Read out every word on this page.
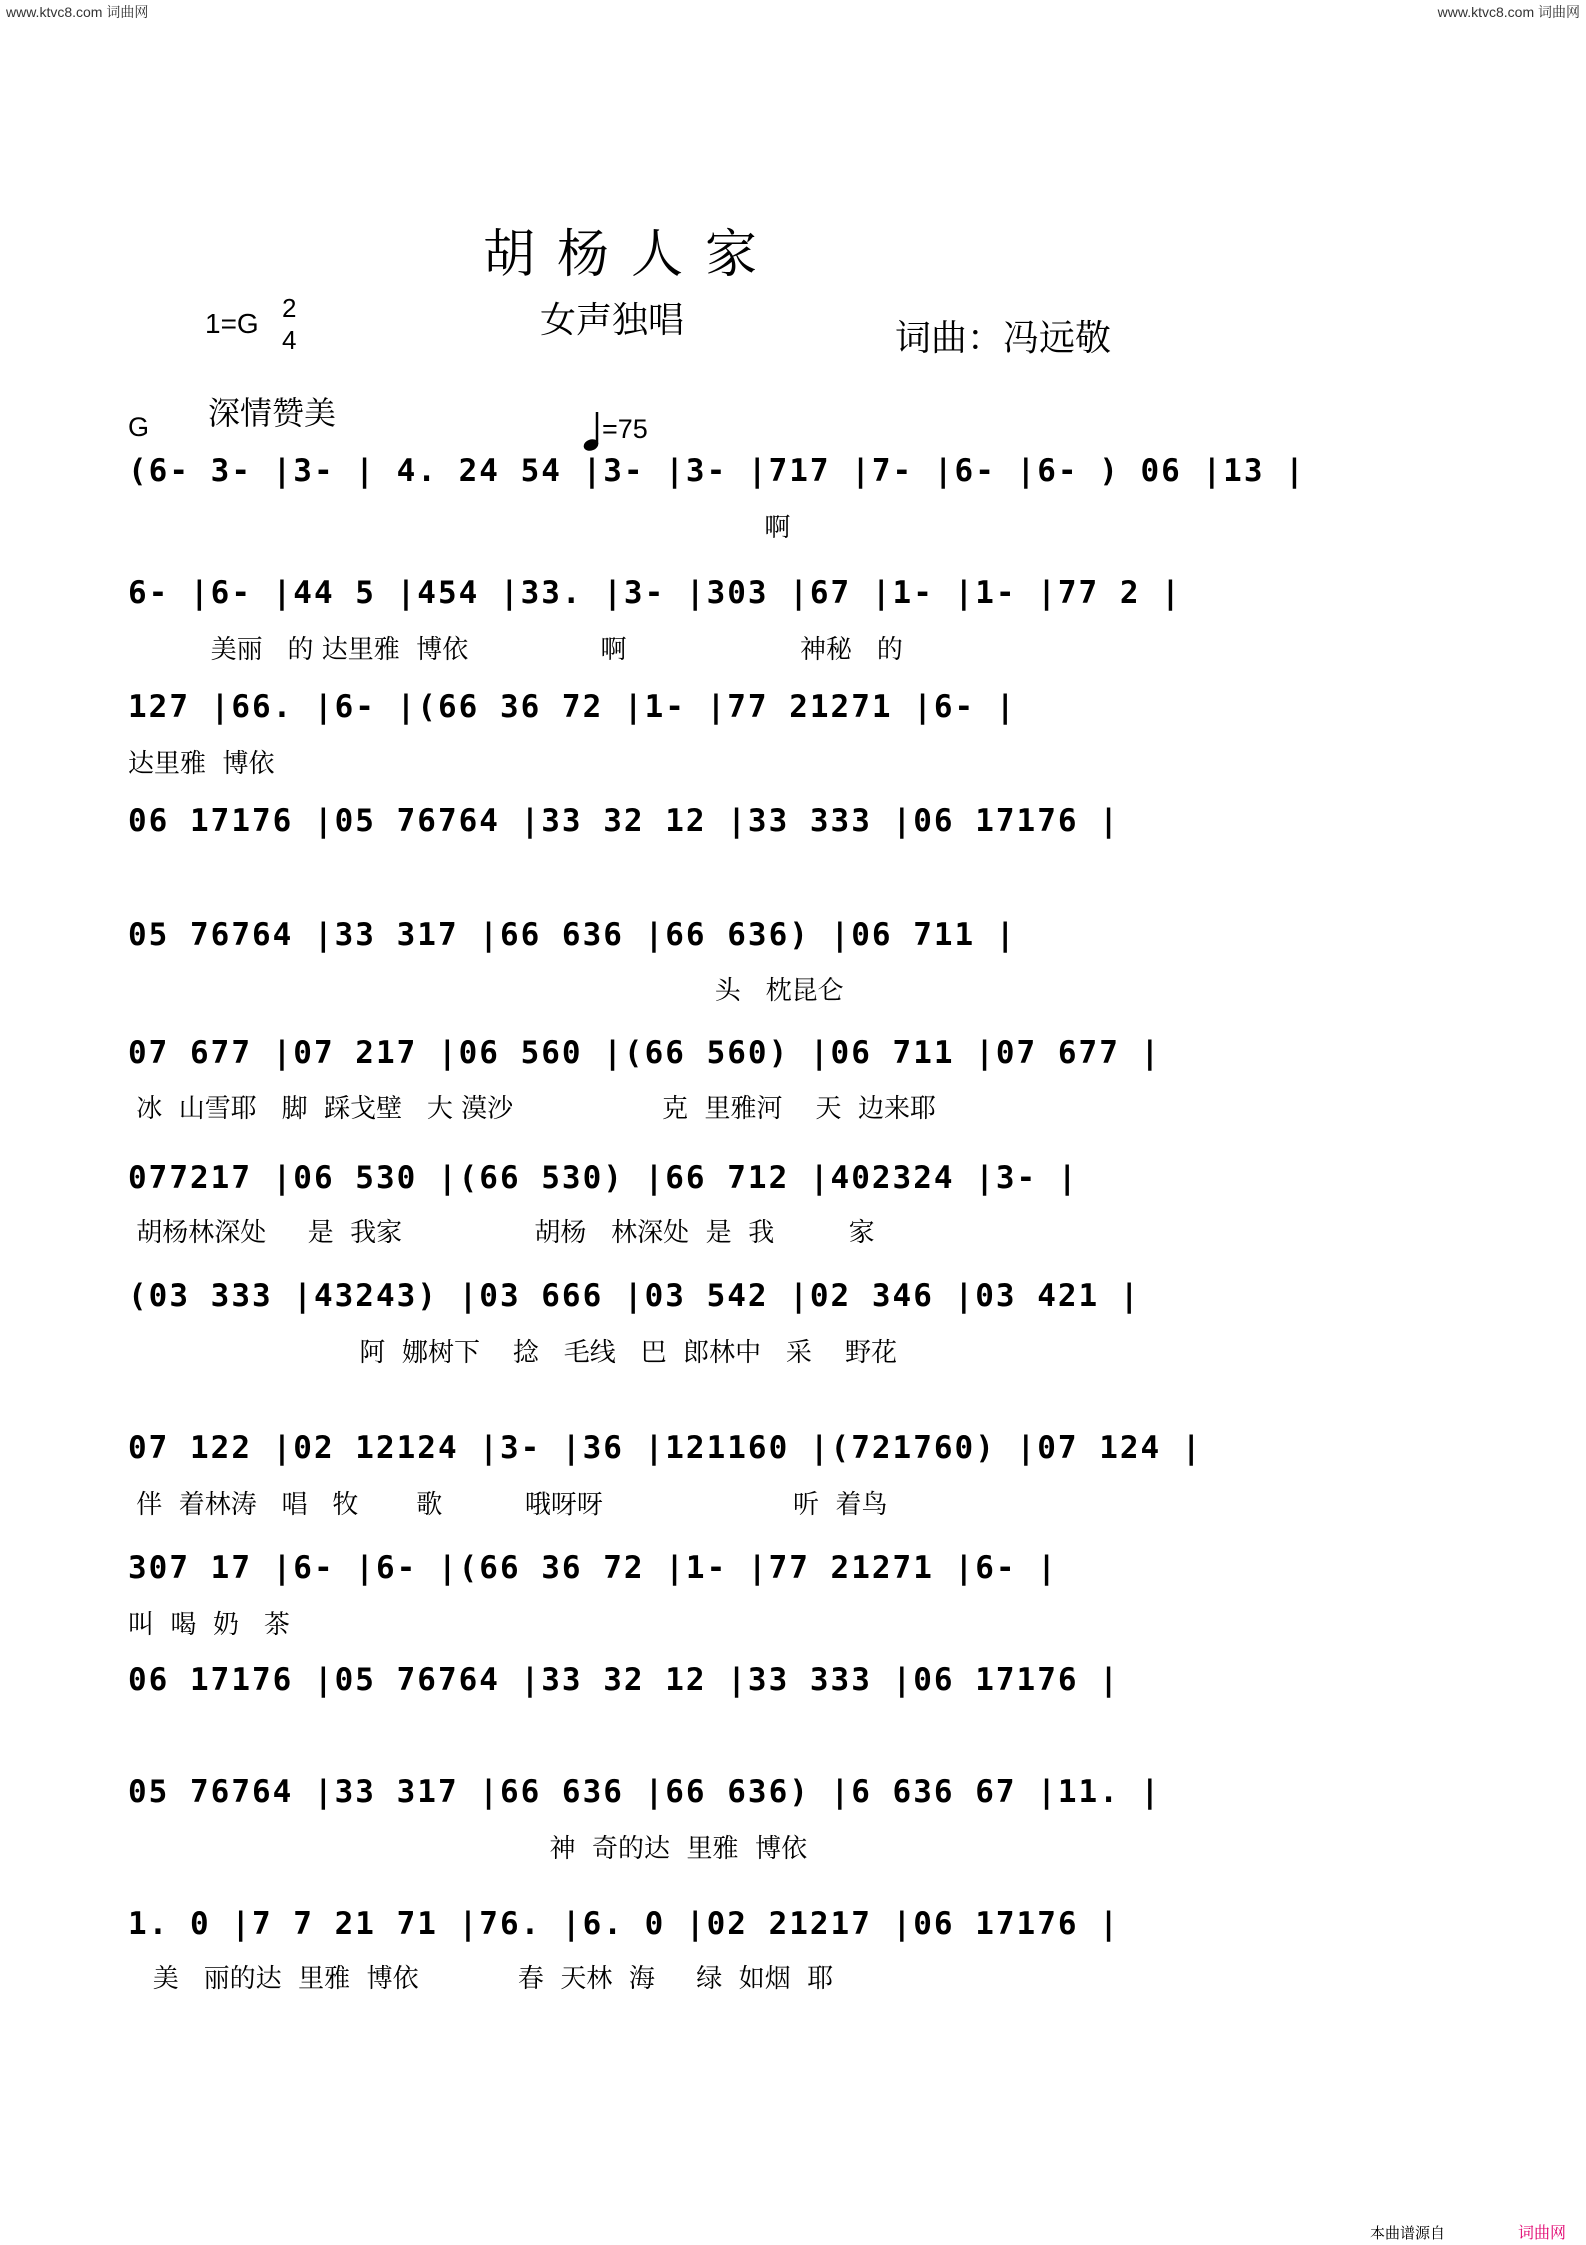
www.ktvc8.com 词曲网	www.ktvc8.com 词曲网
胡杨人家
1=G 2
4	女声独唱	词曲：冯远敬
G 深情赞美	=75
(6- 3- |3- | 4. 24 54 |3- |3- |717 |7- |6- |6- ) 06 |13 |
啊
6- |6- |44 5 |454 |33. |3- |303 |67 |1- |1- |77 2 |
美丽   的 达里雅  博依                啊                     神秘   的
127 |66. |6- |(66 36 72 |1- |77 21271 |6- |
达里雅  博依
06 17176 |05 76764 |33 32 12 |33 333 |06 17176 |
05 76764 |33 317 |66 636 |66 636) |06 711 |
头   枕昆仑
07 677 |07 217 |06 560 |(66 560) |06 711 |07 677 |
冰  山雪耶   脚  踩戈壁   大 漠沙                  克  里雅河    天  边来耶
077217 |06 530 |(66 530) |66 712 |402324 |3- |
胡杨林深处     是  我家                胡杨   林深处  是  我         家
(03 333 |43243) |03 666 |03 542 |02 346 |03 421 |
阿  娜树下    捻   毛线   巴  郎林中   采    野花
07 122 |02 12124 |3- |36 |121160 |(721760) |07 124 |
伴  着林涛   唱   牧       歌          哦呀呀                       听  着鸟
307 17 |6- |6- |(66 36 72 |1- |77 21271 |6- |
叫  喝  奶   茶
06 17176 |05 76764 |33 32 12 |33 333 |06 17176 |
05 76764 |33 317 |66 636 |66 636) |6 636 67 |11. |
神  奇的达  里雅  博依
1. 0 |7 7 21 71 |76. |6. 0 |02 21217 |06 17176 |
美   丽的达  里雅  博依            春  天林  海     绿  如烟  耶
本曲谱源自	词曲网
